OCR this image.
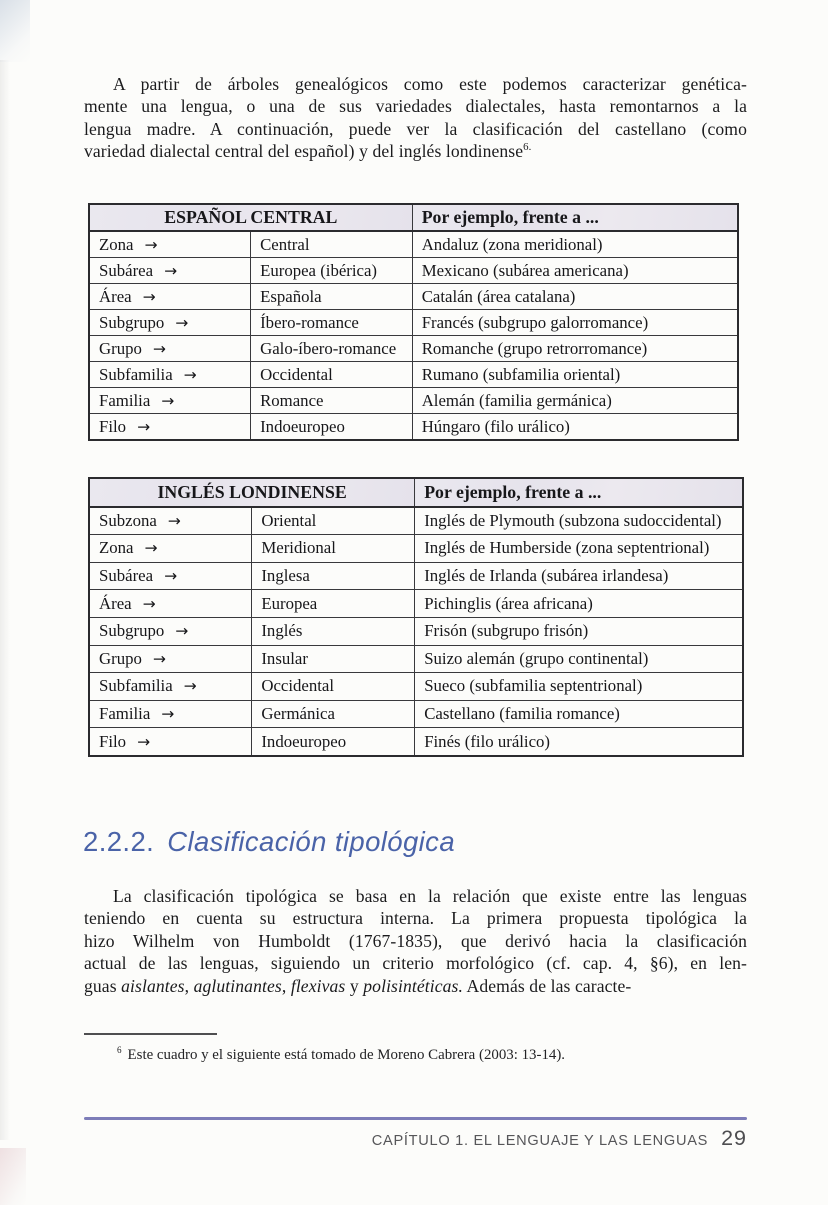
A partir de árboles genealógicos como este podemos caracterizar genética-
mente una lengua, o una de sus variedades dialectales, hasta remontarnos a la
lengua madre. A continuación, puede ver la clasificación del castellano (como
variedad dialectal central del español) y del inglés londinense$^{6.}$
ESPAÑOL CENTRAL		Por ejemplo, frente a ...
Zona →	Central	Andaluz (zona meridional)
Subárea →	Europea (ibérica)	Mexicano (subárea americana)
Área →	Española	Catalán (área catalana)
Subgrupo →	Íbero-romance	Francés (subgrupo galorromance)
Grupo →	Galo-íbero-romance	Romanche (grupo retrorromance)
Subfamilia →	Occidental	Rumano (subfamilia oriental)
Familia →	Romance	Alemán (familia germánica)
Filo →	Indoeuropeo	Húngaro (filo urálico)
INGLÉS LONDINENSE		Por ejemplo, frente a ...
Subzona →	Oriental	Inglés de Plymouth (subzona sudoccidental)
Zona →	Meridional	Inglés de Humberside (zona septentrional)
Subárea →	Inglesa	Inglés de Irlanda (subárea irlandesa)
Área →	Europea	Pichinglis (área africana)
Subgrupo →	Inglés	Frisón (subgrupo frisón)
Grupo →	Insular	Suizo alemán (grupo continental)
Subfamilia →	Occidental	Sueco (subfamilia septentrional)
Familia →	Germánica	Castellano (familia romance)
Filo →	Indoeuropeo	Finés (filo urálico)
2.2.2. Clasificación tipológica
La clasificación tipológica se basa en la relación que existe entre las lenguas
teniendo en cuenta su estructura interna. La primera propuesta tipológica la
hizo Wilhelm von Humboldt (1767-1835), que derivó hacia la clasificación
actual de las lenguas, siguiendo un criterio morfológico (cf. cap. 4, §6), en len-
guas aislantes, aglutinantes, flexivas y polisintéticas. Además de las caracte-
$^6$ Este cuadro y el siguiente está tomado de Moreno Cabrera (2003: 13-14).
CAPÍTULO 1. EL LENGUAJE Y LAS LENGUAS 29
